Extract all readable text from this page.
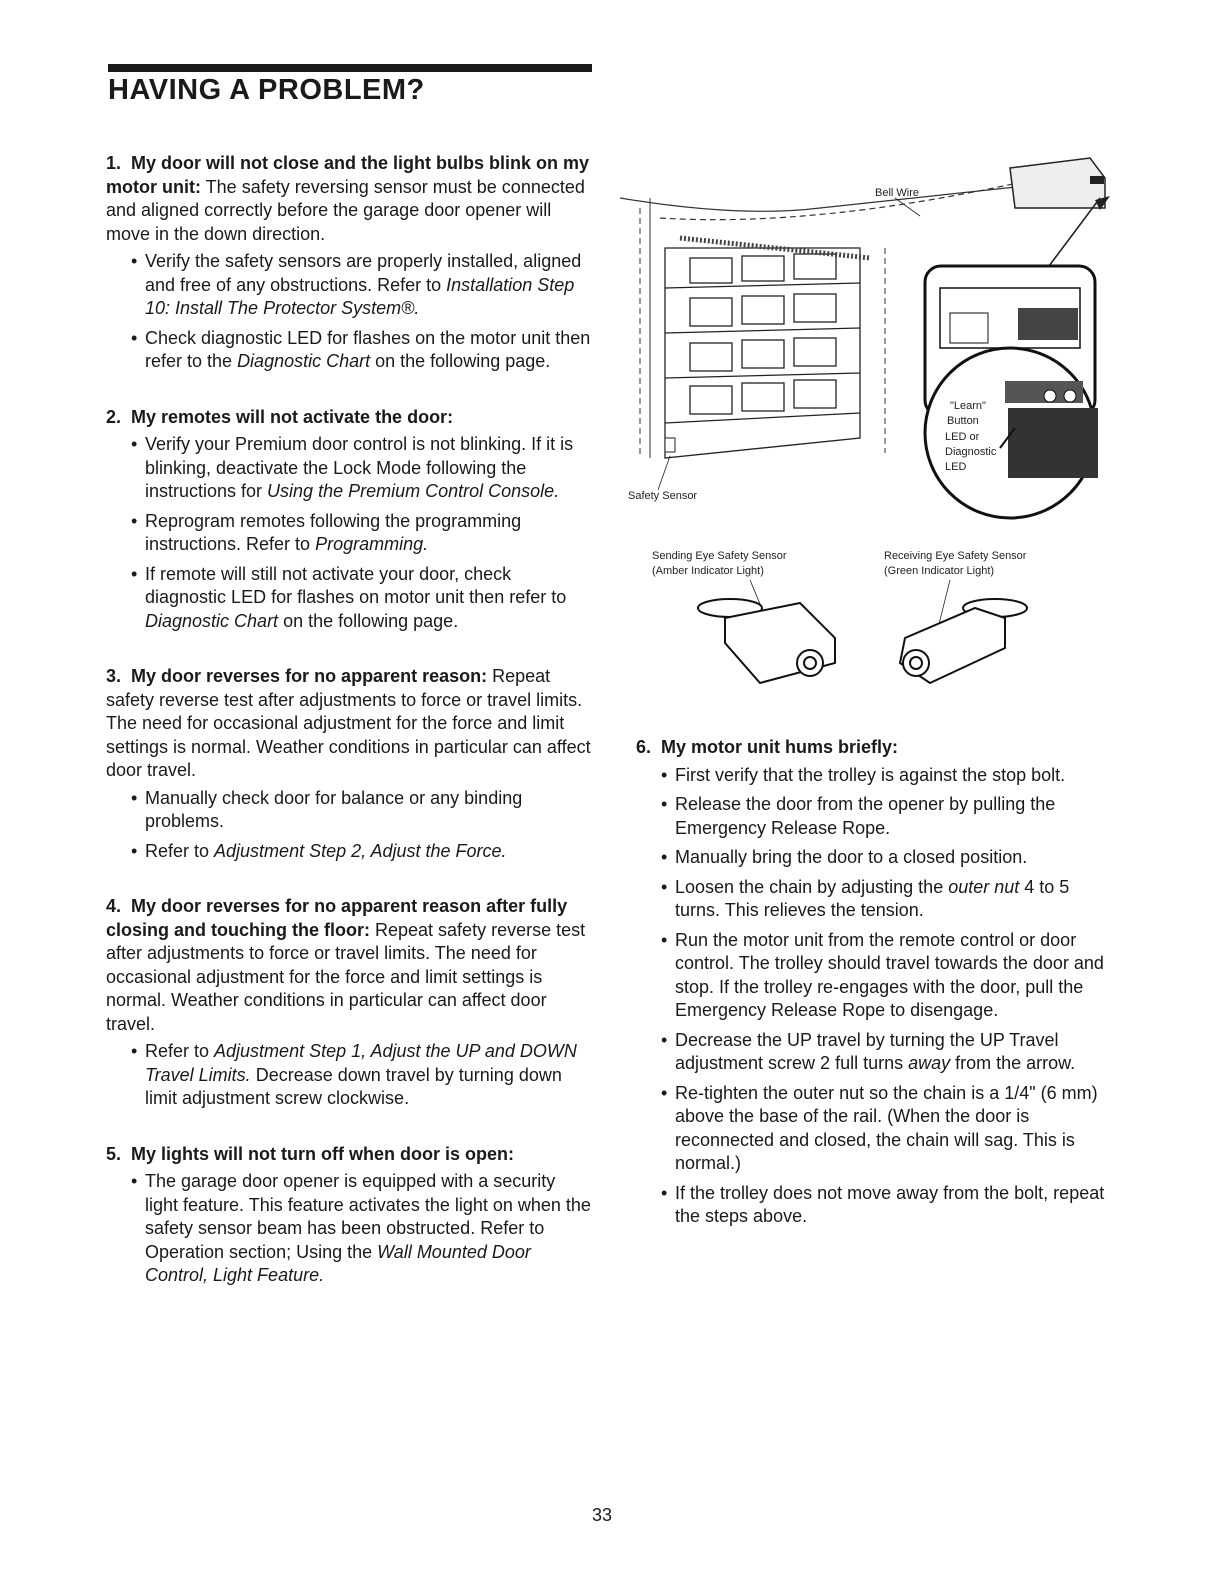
HAVING A PROBLEM?
1. My door will not close and the light bulbs blink on my motor unit: The safety reversing sensor must be connected and aligned correctly before the garage door opener will move in the down direction.
• Verify the safety sensors are properly installed, aligned and free of any obstructions. Refer to Installation Step 10: Install The Protector System®.
• Check diagnostic LED for flashes on the motor unit then refer to the Diagnostic Chart on the following page.
2. My remotes will not activate the door:
• Verify your Premium door control is not blinking. If it is blinking, deactivate the Lock Mode following the instructions for Using the Premium Control Console.
• Reprogram remotes following the programming instructions. Refer to Programming.
• If remote will still not activate your door, check diagnostic LED for flashes on motor unit then refer to Diagnostic Chart on the following page.
3. My door reverses for no apparent reason: Repeat safety reverse test after adjustments to force or travel limits. The need for occasional adjustment for the force and limit settings is normal. Weather conditions in particular can affect door travel.
• Manually check door for balance or any binding problems.
• Refer to Adjustment Step 2, Adjust the Force.
4. My door reverses for no apparent reason after fully closing and touching the floor: Repeat safety reverse test after adjustments to force or travel limits. The need for occasional adjustment for the force and limit settings is normal. Weather conditions in particular can affect door travel.
• Refer to Adjustment Step 1, Adjust the UP and DOWN Travel Limits. Decrease down travel by turning down limit adjustment screw clockwise.
5. My lights will not turn off when door is open:
• The garage door opener is equipped with a security light feature. This feature activates the light on when the safety sensor beam has been obstructed. Refer to Operation section; Using the Wall Mounted Door Control, Light Feature.
6. My motor unit hums briefly:
• First verify that the trolley is against the stop bolt.
• Release the door from the opener by pulling the Emergency Release Rope.
• Manually bring the door to a closed position.
• Loosen the chain by adjusting the outer nut 4 to 5 turns. This relieves the tension.
• Run the motor unit from the remote control or door control. The trolley should travel towards the door and stop. If the trolley re-engages with the door, pull the Emergency Release Rope to disengage.
• Decrease the UP travel by turning the UP Travel adjustment screw 2 full turns away from the arrow.
• Re-tighten the outer nut so the chain is a 1/4" (6 mm) above the base of the rail. (When the door is reconnected and closed, the chain will sag. This is normal.)
• If the trolley does not move away from the bolt, repeat the steps above.
Bell Wire
Safety Sensor
"Learn"
Button
LED or
Diagnostic
LED
Sending Eye Safety Sensor
(Amber Indicator Light)
Receiving Eye Safety Sensor
(Green Indicator Light)
33
